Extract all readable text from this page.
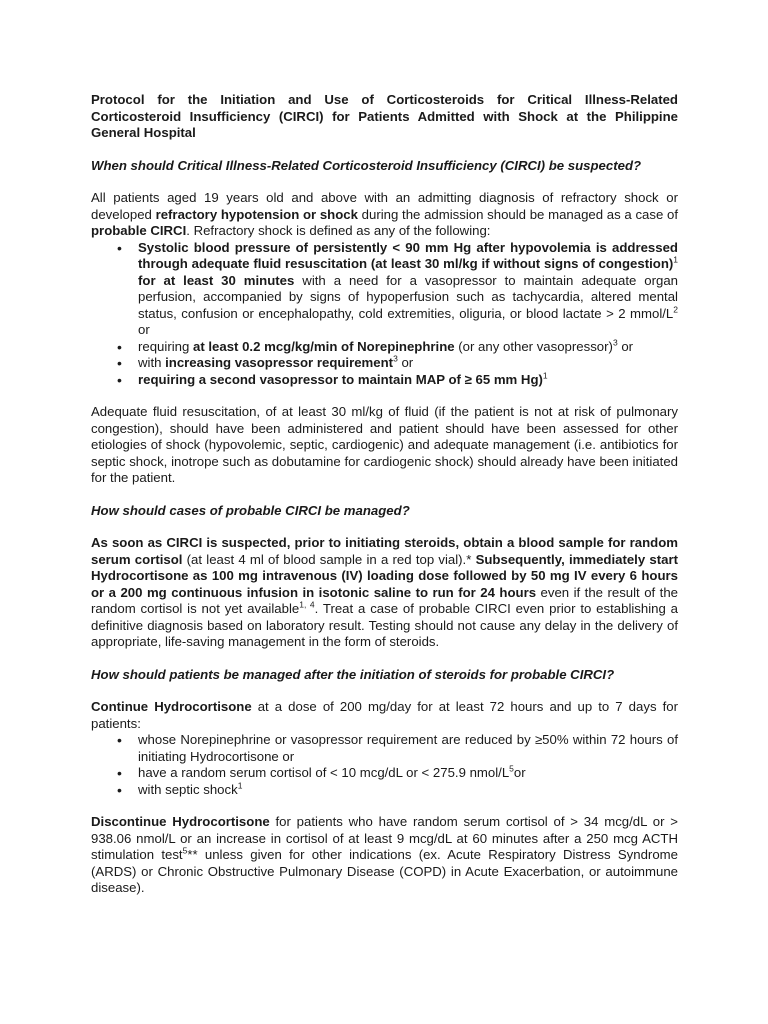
Protocol for the Initiation and Use of Corticosteroids for Critical Illness-Related Corticosteroid Insufficiency (CIRCI) for Patients Admitted with Shock at the Philippine General Hospital

When should Critical Illness-Related Corticosteroid Insufficiency (CIRCI) be suspected?

All patients aged 19 years old and above with an admitting diagnosis of refractory shock or developed refractory hypotension or shock during the admission should be managed as a case of probable CIRCI. Refractory shock is defined as any of the following:

• Systolic blood pressure of persistently < 90 mm Hg after hypovolemia is addressed through adequate fluid resuscitation (at least 30 ml/kg if without signs of congestion)$^1$ for at least 30 minutes with a need for a vasopressor to maintain adequate organ perfusion, accompanied by signs of hypoperfusion such as tachycardia, altered mental status, confusion or encephalopathy, cold extremities, oliguria, or blood lactate > 2 mmol/$L^2$ or
• requiring at least 0.2 mcg/kg/min of Norepinephrine (or any other vasopressor)$^3$ or
• with increasing vasopressor requirement$^3$ or
• requiring a second vasopressor to maintain MAP of ≥ 65 mm Hg)$^1$

Adequate fluid resuscitation, of at least 30 ml/kg of fluid (if the patient is not at risk of pulmonary congestion), should have been administered and patient should have been assessed for other etiologies of shock (hypovolemic, septic, cardiogenic) and adequate management (i.e. antibiotics for septic shock, inotrope such as dobutamine for cardiogenic shock) should already have been initiated for the patient.

How should cases of probable CIRCI be managed?

As soon as CIRCI is suspected, prior to initiating steroids, obtain a blood sample for random serum cortisol (at least 4 ml of blood sample in a red top vial).* Subsequently, immediately start Hydrocortisone as 100 mg intravenous (IV) loading dose followed by 50 mg IV every 6 hours or a 200 mg continuous infusion in isotonic saline to run for 24 hours even if the result of the random cortisol is not yet available$^{1, 4}$. Treat a case of probable CIRCI even prior to establishing a definitive diagnosis based on laboratory result. Testing should not cause any delay in the delivery of appropriate, life-saving management in the form of steroids.

How should patients be managed after the initiation of steroids for probable CIRCI?

Continue Hydrocortisone at a dose of 200 mg/day for at least 72 hours and up to 7 days for patients:

• whose Norepinephrine or vasopressor requirement are reduced by ≥50% within 72 hours of initiating Hydrocortisone or
• have a random serum cortisol of < 10 mcg/dL or < 275.9 nmol/$L^5or$
• with septic shock$^1$

Discontinue Hydrocortisone for patients who have random serum cortisol of > 34 mcg/dL or > 938.06 nmol/L or an increase in cortisol of at least 9 mcg/dL at 60 minutes after a 250 mcg ACTH stimulation test$^5$** unless given for other indications (ex. Acute Respiratory Distress Syndrome (ARDS) or Chronic Obstructive Pulmonary Disease (COPD) in Acute Exacerbation, or autoimmune disease).
